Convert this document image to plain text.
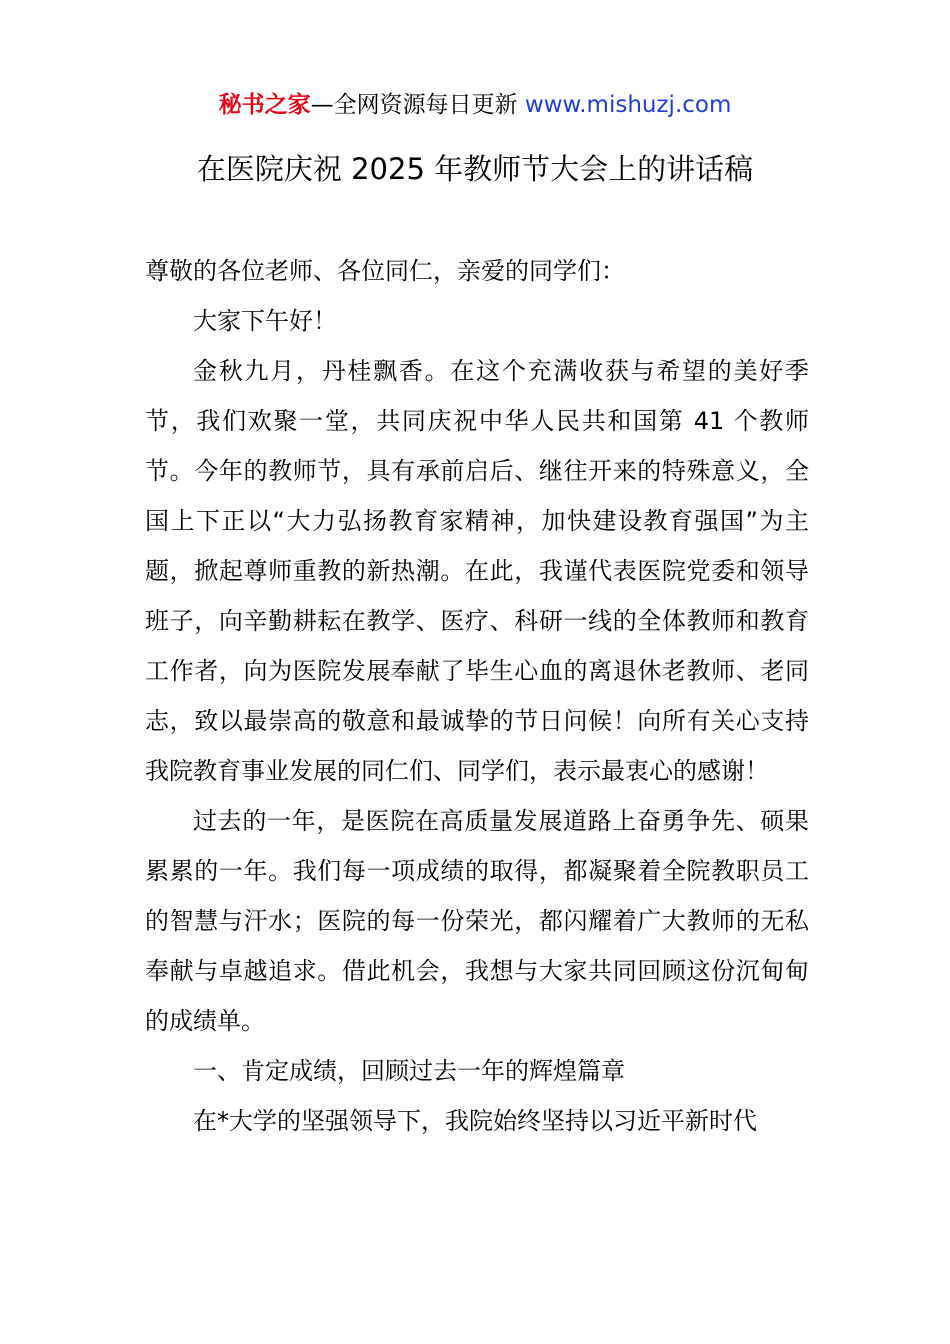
秘书之家—全网资源每日更新 www.mishuzj.com
在医院庆祝 2025 年教师节大会上的讲话稿

尊敬的各位老师、各位同仁，亲爱的同学们：

大家下午好！

金秋九月，丹桂飘香。在这个充满收获与希望的美好季节，我们欢聚一堂，共同庆祝中华人民共和国第 41 个教师节。今年的教师节，具有承前启后、继往开来的特殊意义，全国上下正以“大力弘扬教育家精神，加快建设教育强国”为主题，掀起尊师重教的新热潮。在此，我谨代表医院党委和领导班子，向辛勤耕耘在教学、医疗、科研一线的全体教师和教育工作者，向为医院发展奉献了毕生心血的离退休老教师、老同志，致以最崇高的敬意和最诚挚的节日问候！向所有关心支持我院教育事业发展的同仁们、同学们，表示最衷心的感谢！

过去的一年，是医院在高质量发展道路上奋勇争先、硕果累累的一年。我们每一项成绩的取得，都凝聚着全院教职员工的智慧与汗水；医院的每一份荣光，都闪耀着广大教师的无私奉献与卓越追求。借此机会，我想与大家共同回顾这份沉甸甸的成绩单。

一、肯定成绩，回顾过去一年的辉煌篇章

在*大学的坚强领导下，我院始终坚持以习近平新时代
